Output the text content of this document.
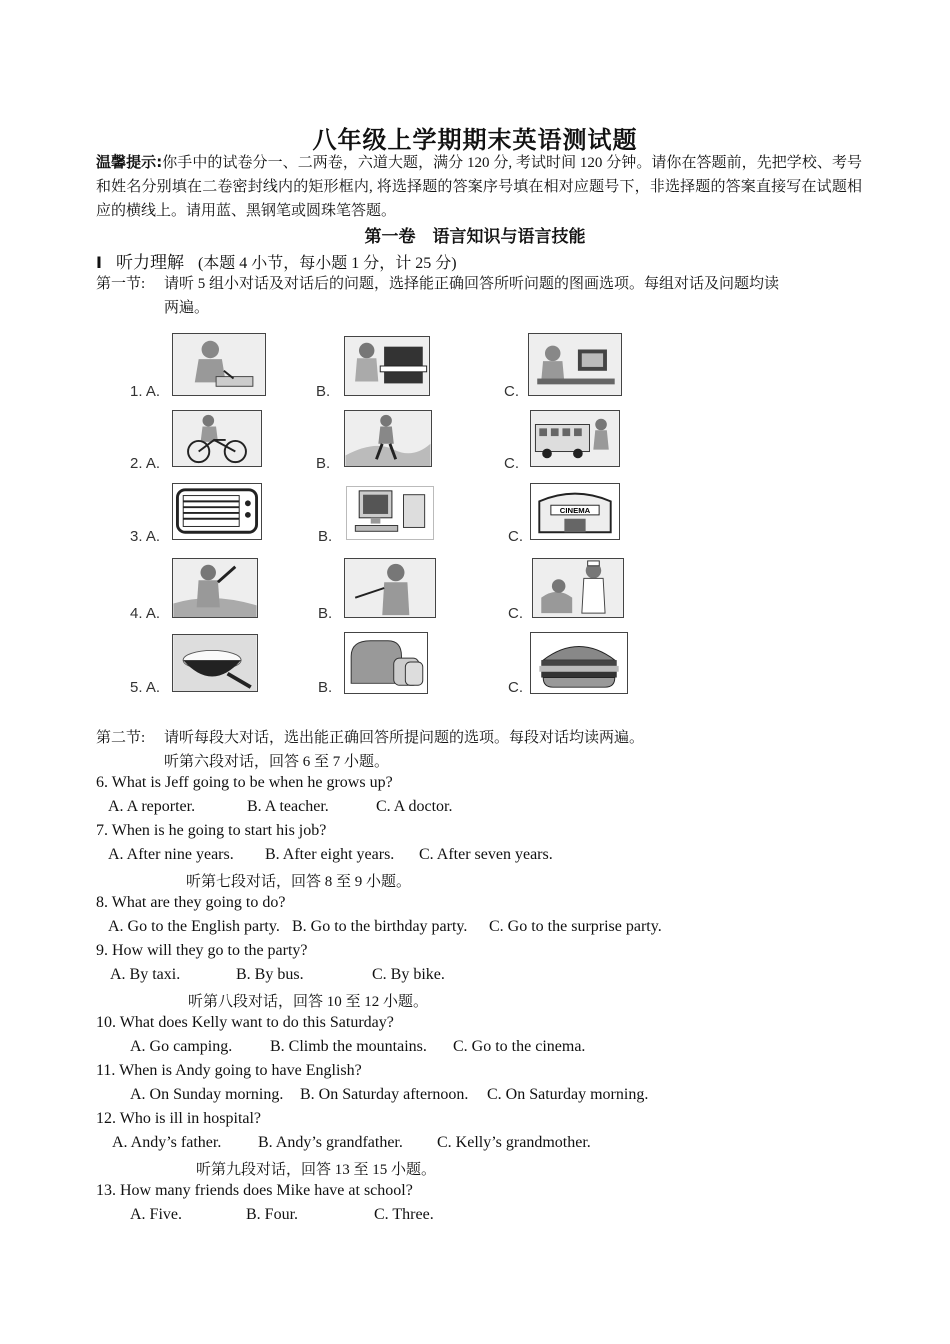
八年级上学期期末英语测试题
温馨提示:你手中的试卷分一、二两卷，六道大题，满分 120 分, 考试时间 120 分钟。请你在答题前，先把学校、考号和姓名分别填在二卷密封线内的矩形框内, 将选择题的答案序号填在相对应题号下，非选择题的答案直接写在试题相应的横线上。请用蓝、黑钢笔或圆珠笔答题。
第一卷　语言知识与语言技能
Ⅰ 听力理解 (本题 4 小节，每小题 1 分，计 25 分)
第一节: 请听 5 组小对话及对话后的问题，选择能正确回答所听问题的图画选项。每组对话及问题均读
两遍。
1. A.	B.	C.
2. A.	B.	C.
3. A.	B.	C.
CINEMA
4. A.	B.	C.
5. A.	B.	C.
第二节: 请听每段大对话，选出能正确回答所提问题的选项。每段对话均读两遍。
听第六段对话，回答 6 至 7 小题。
6. What is Jeff going to be when he grows up?
A. A reporter.	B. A teacher.	C. A doctor.
7. When is he going to start his job?
A. After nine years. B. After eight years. C. After seven years.
听第七段对话，回答 8 至 9 小题。
8. What are they going to do?
A. Go to the English party. B. Go to the birthday party. C. Go to the surprise party.
9. How will they go to the party?
A. By taxi.	B. By bus.	C. By bike.
听第八段对话，回答 10 至 12 小题。
10. What does Kelly want to do this Saturday?
A. Go camping. B. Climb the mountains. C. Go to the cinema.
11. When is Andy going to have English?
A. On Sunday morning. B. On Saturday afternoon. C. On Saturday morning.
12. Who is ill in hospital?
A. Andy’s father. B. Andy’s grandfather. C. Kelly’s grandmother.
听第九段对话，回答 13 至 15 小题。
13. How many friends does Mike have at school?
A. Five.	B. Four.	C. Three.
